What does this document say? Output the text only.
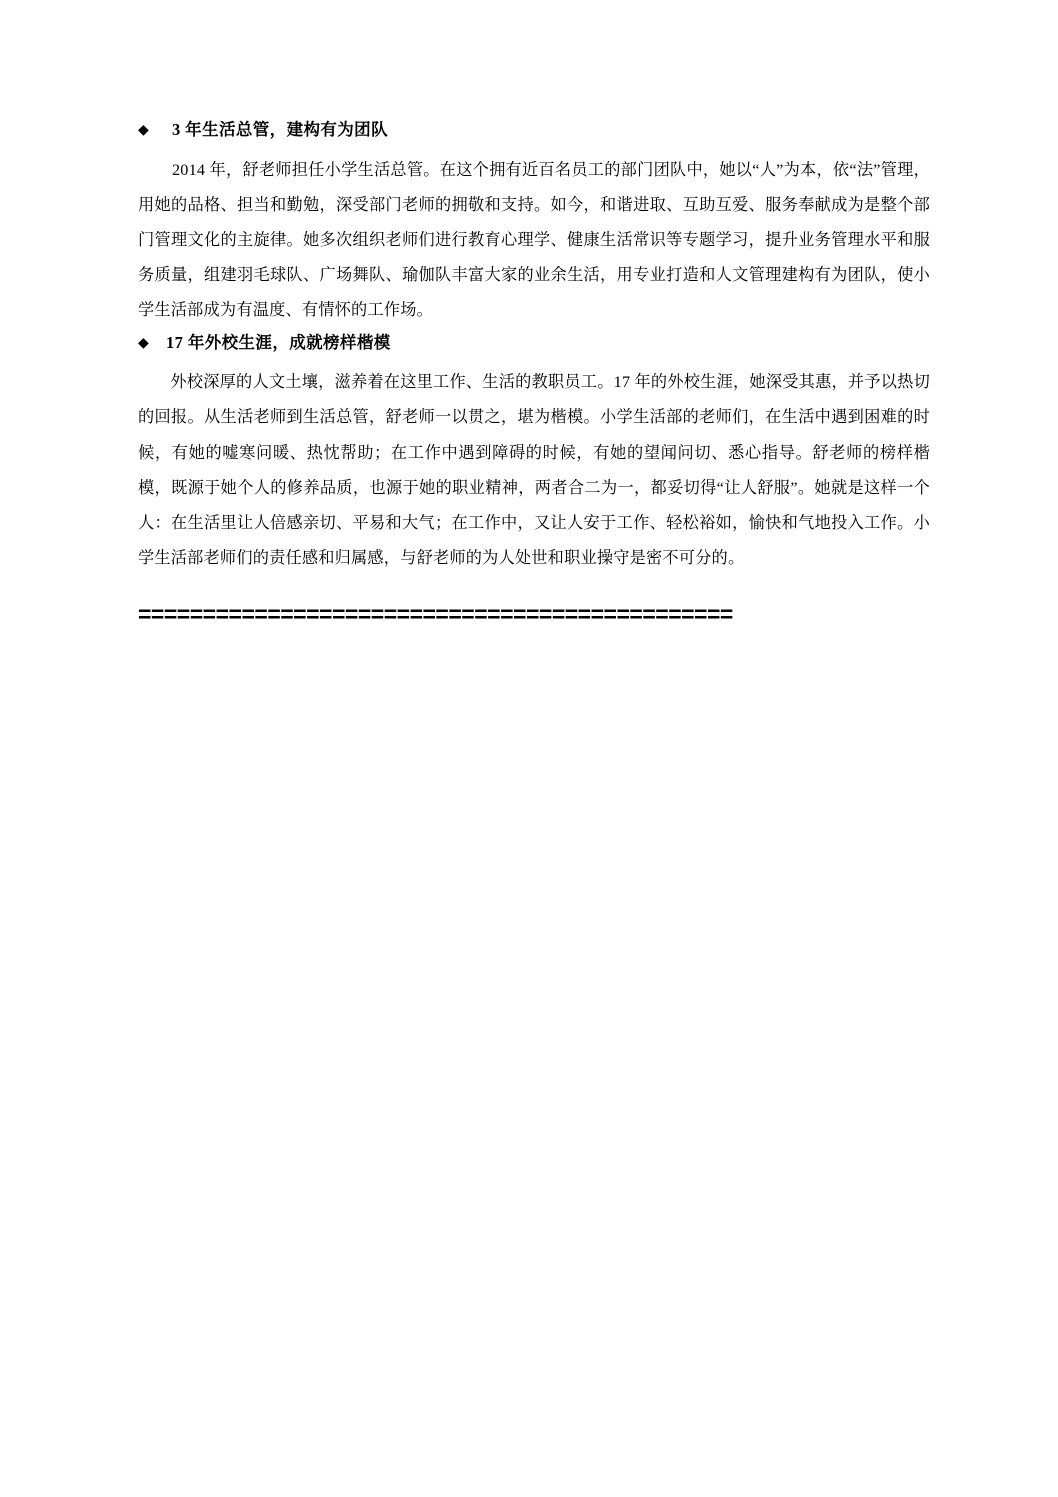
◆	3 年生活总管，建构有为团队

2014 年，舒老师担任小学生活总管。在这个拥有近百名员工的部门团队中，她以“人”为本，依“法”管理，用她的品格、担当和勤勉，深受部门老师的拥敬和支持。如今，和谐进取、互助互爱、服务奉献成为是整个部门管理文化的主旋律。她多次组织老师们进行教育心理学、健康生活常识等专题学习，提升业务管理水平和服务质量，组建羽毛球队、广场舞队、瑜伽队丰富大家的业余生活，用专业打造和人文管理建构有为团队，使小学生活部成为有温度、有情怀的工作场。

◆	17 年外校生涯，成就榜样楷模

外校深厚的人文土壤，滋养着在这里工作、生活的教职员工。17 年的外校生涯，她深受其惠，并予以热切的回报。从生活老师到生活总管，舒老师一以贯之，堪为楷模。小学生活部的老师们，在生活中遇到困难的时候，有她的嘘寒问暖、热忱帮助；在工作中遇到障碍的时候，有她的望闻问切、悉心指导。舒老师的榜样楷模，既源于她个人的修养品质，也源于她的职业精神，两者合二为一，都妥切得“让人舒服”。她就是这样一个人：在生活里让人倍感亲切、平易和大气；在工作中，又让人安于工作、轻松裕如，愉快和气地投入工作。小学生活部老师们的责任感和归属感，与舒老师的为人处世和职业操守是密不可分的。

==============================================
